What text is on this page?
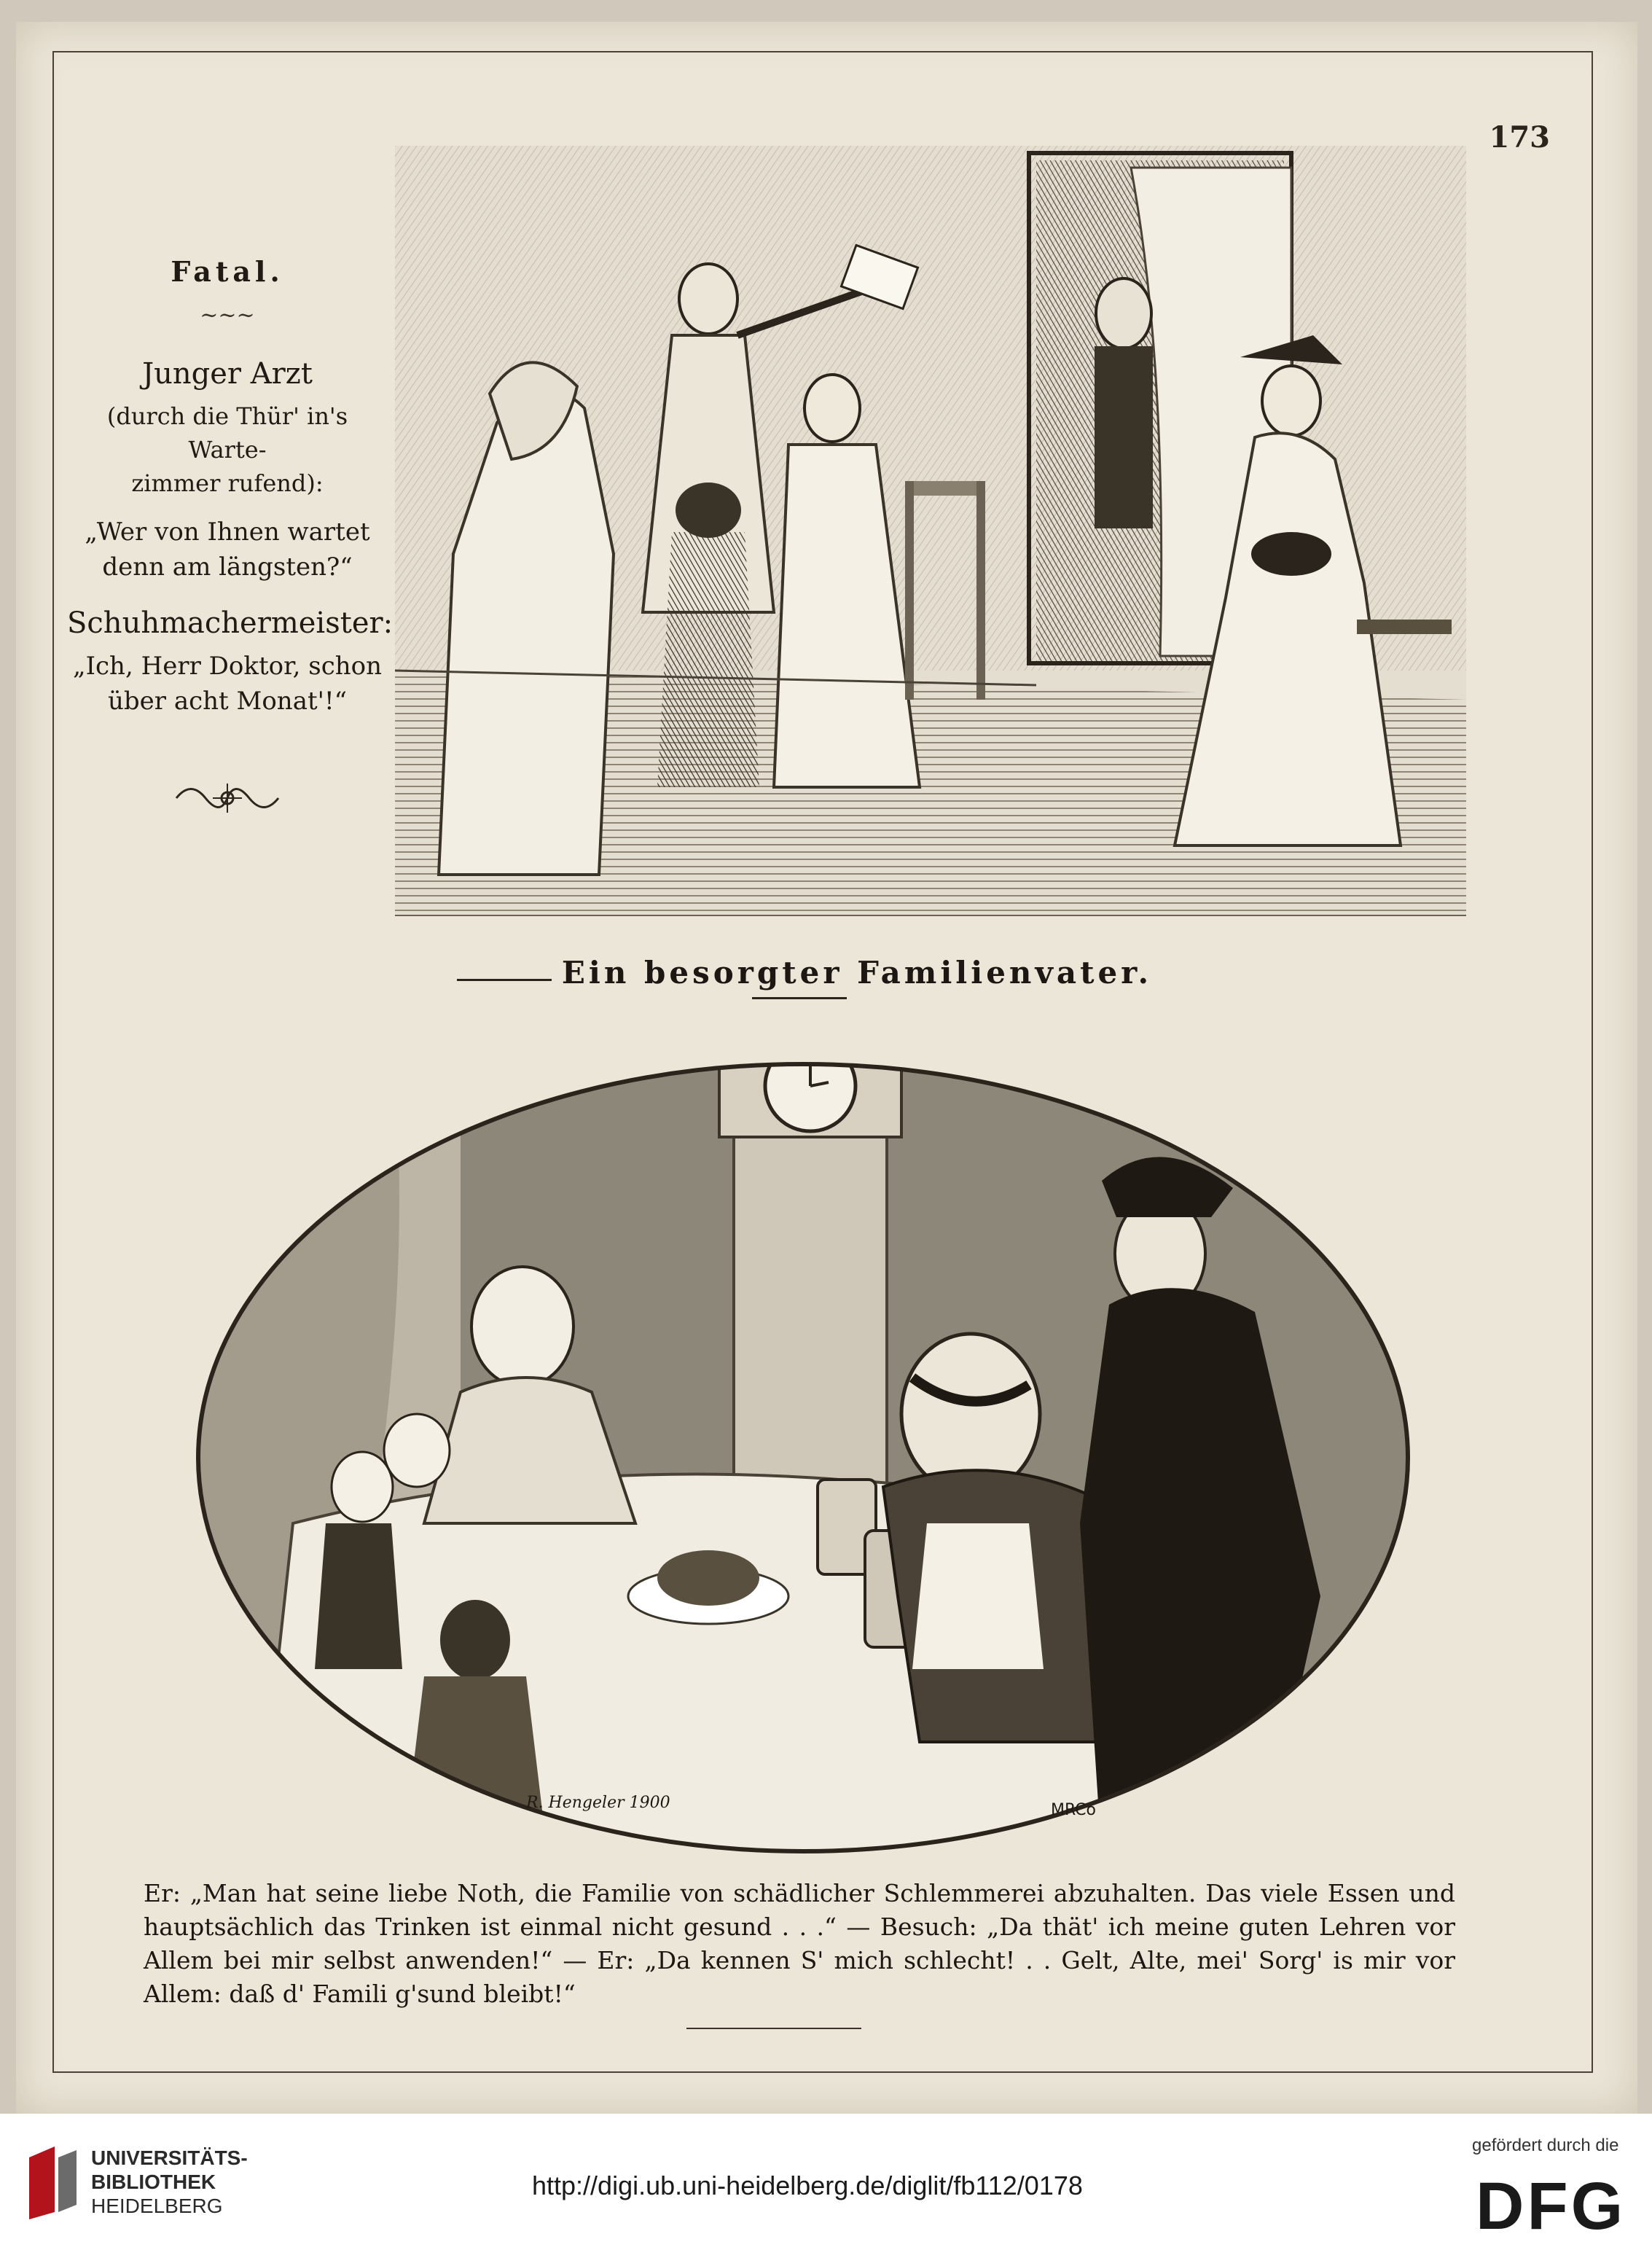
173
Fatal.
~~~
Junger Arzt
(durch die Thür' in's Warte-
zimmer rufend):
„Wer von Ihnen wartet
denn am längsten?“
Schuhmachermeister:
„Ich, Herr Doktor, schon
über acht Monat'!“
Ein besorgter Familienvater.
R. Hengeler 1900	MRCo
Er: „Man hat seine liebe Noth, die Familie von schädlicher Schlemmerei abzuhalten. Das viele Essen und hauptsächlich das Trinken ist einmal nicht gesund . . .“ — Besuch: „Da thät' ich meine guten Lehren vor Allem bei mir selbst anwenden!“ — Er: „Da kennen S' mich schlecht! . . Gelt, Alte, mei' Sorg' is mir vor Allem: daß d' Famili g'sund bleibt!“
UNIVERSITÄTS-
BIBLIOTHEK
HEIDELBERG
http://digi.ub.uni-heidelberg.de/diglit/fb112/0178
gefördert durch die
DFG
